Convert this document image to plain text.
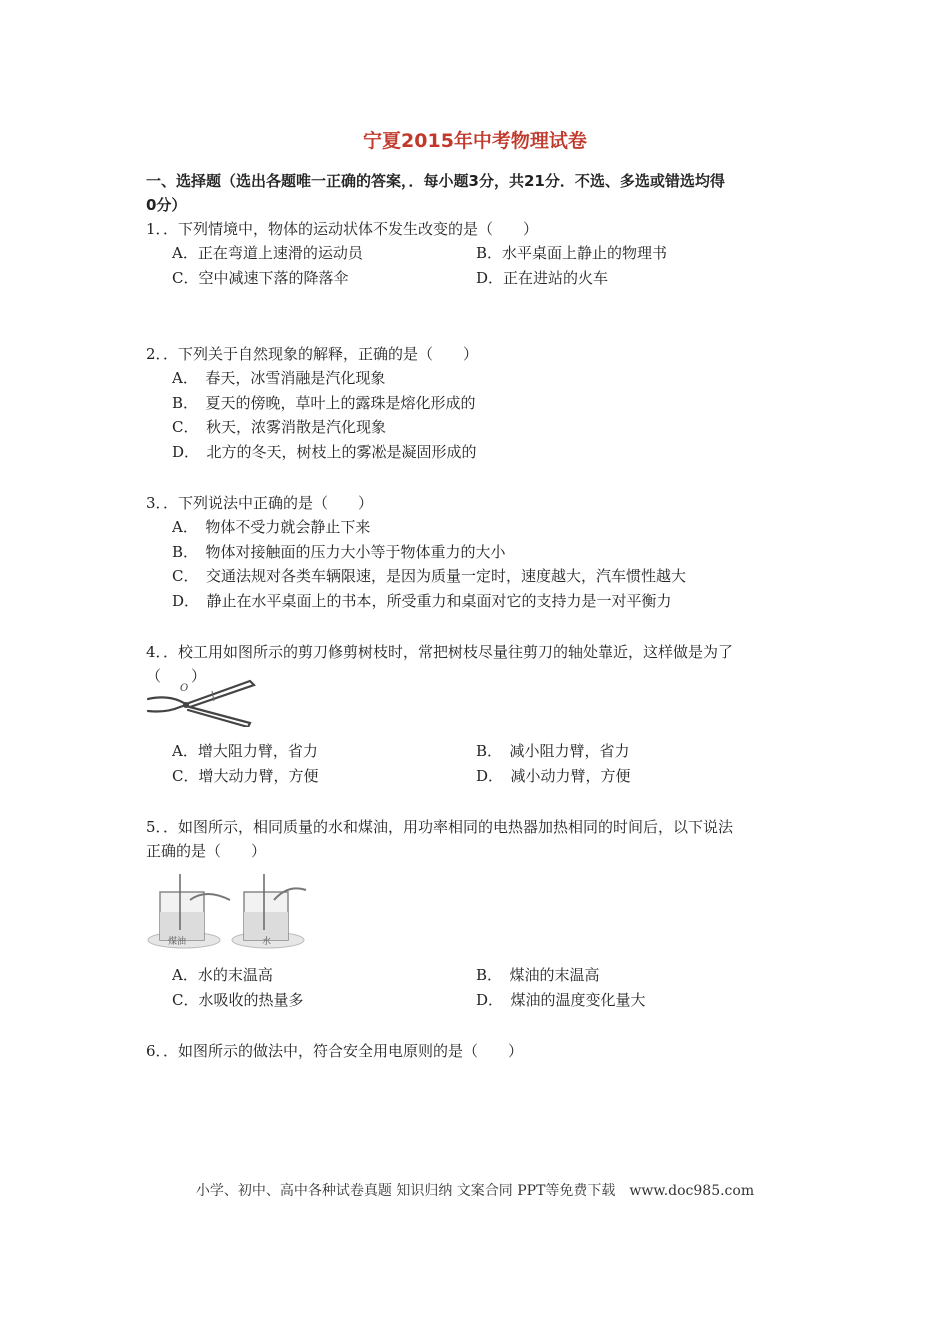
宁夏2015年中考物理试卷
一、选择题（选出各题唯一正确的答案，．每小题3分，共21分．不选、多选或错选均得
0分）
1．．下列情境中，物体的运动状体不发生改变的是（　　）
A．正在弯道上速滑的运动员	B．水平桌面上静止的物理书
C．空中减速下落的降落伞	D．正在进站的火车
2．．下列关于自然现象的解释，正确的是（　　）
A．　春天，冰雪消融是汽化现象
B．　夏天的傍晚，草叶上的露珠是熔化形成的
C．　秋天，浓雾消散是汽化现象
D．　北方的冬天，树枝上的雾凇是凝固形成的
3．．下列说法中正确的是（　　）
A．　物体不受力就会静止下来
B．　物体对接触面的压力大小等于物体重力的大小
C．　交通法规对各类车辆限速，是因为质量一定时，速度越大，汽车惯性越大
D．　静止在水平桌面上的书本，所受重力和桌面对它的支持力是一对平衡力
4．．校工用如图所示的剪刀修剪树枝时，常把树枝尽量往剪刀的轴处靠近，这样做是为了
（　　）
O
A．增大阻力臂，省力	B．　减小阻力臂，省力
C．增大动力臂，方便	D．　减小动力臂，方便
5．．如图所示，相同质量的水和煤油，用功率相同的电热器加热相同的时间后，以下说法
正确的是（　　）
煤油	水
A．水的末温高	B．　煤油的末温高
C．水吸收的热量多	D．　煤油的温度变化量大
6．．如图所示的做法中，符合安全用电原则的是（　　）
小学、初中、高中各种试卷真题 知识归纳 文案合同 PPT等免费下载　www.doc985.com
